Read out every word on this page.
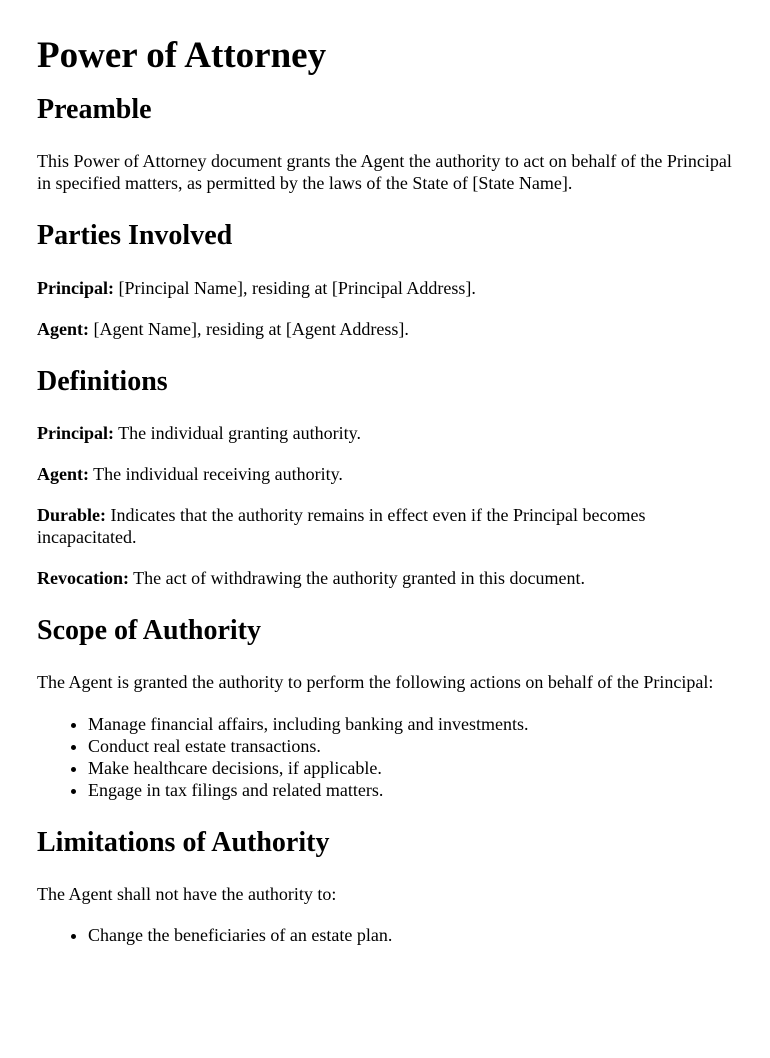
Power of Attorney
Preamble

This Power of Attorney document grants the Agent the authority to act on behalf of the Principal in specified matters, as permitted by the laws of the State of [State Name].

Parties Involved

Principal: [Principal Name], residing at [Principal Address].

Agent: [Agent Name], residing at [Agent Address].

Definitions

Principal: The individual granting authority.

Agent: The individual receiving authority.

Durable: Indicates that the authority remains in effect even if the Principal becomes incapacitated.

Revocation: The act of withdrawing the authority granted in this document.

Scope of Authority

The Agent is granted the authority to perform the following actions on behalf of the Principal:

• Manage financial affairs, including banking and investments.
• Conduct real estate transactions.
• Make healthcare decisions, if applicable.
• Engage in tax filings and related matters.
Limitations of Authority

The Agent shall not have the authority to:

• Change the beneficiaries of an estate plan.
